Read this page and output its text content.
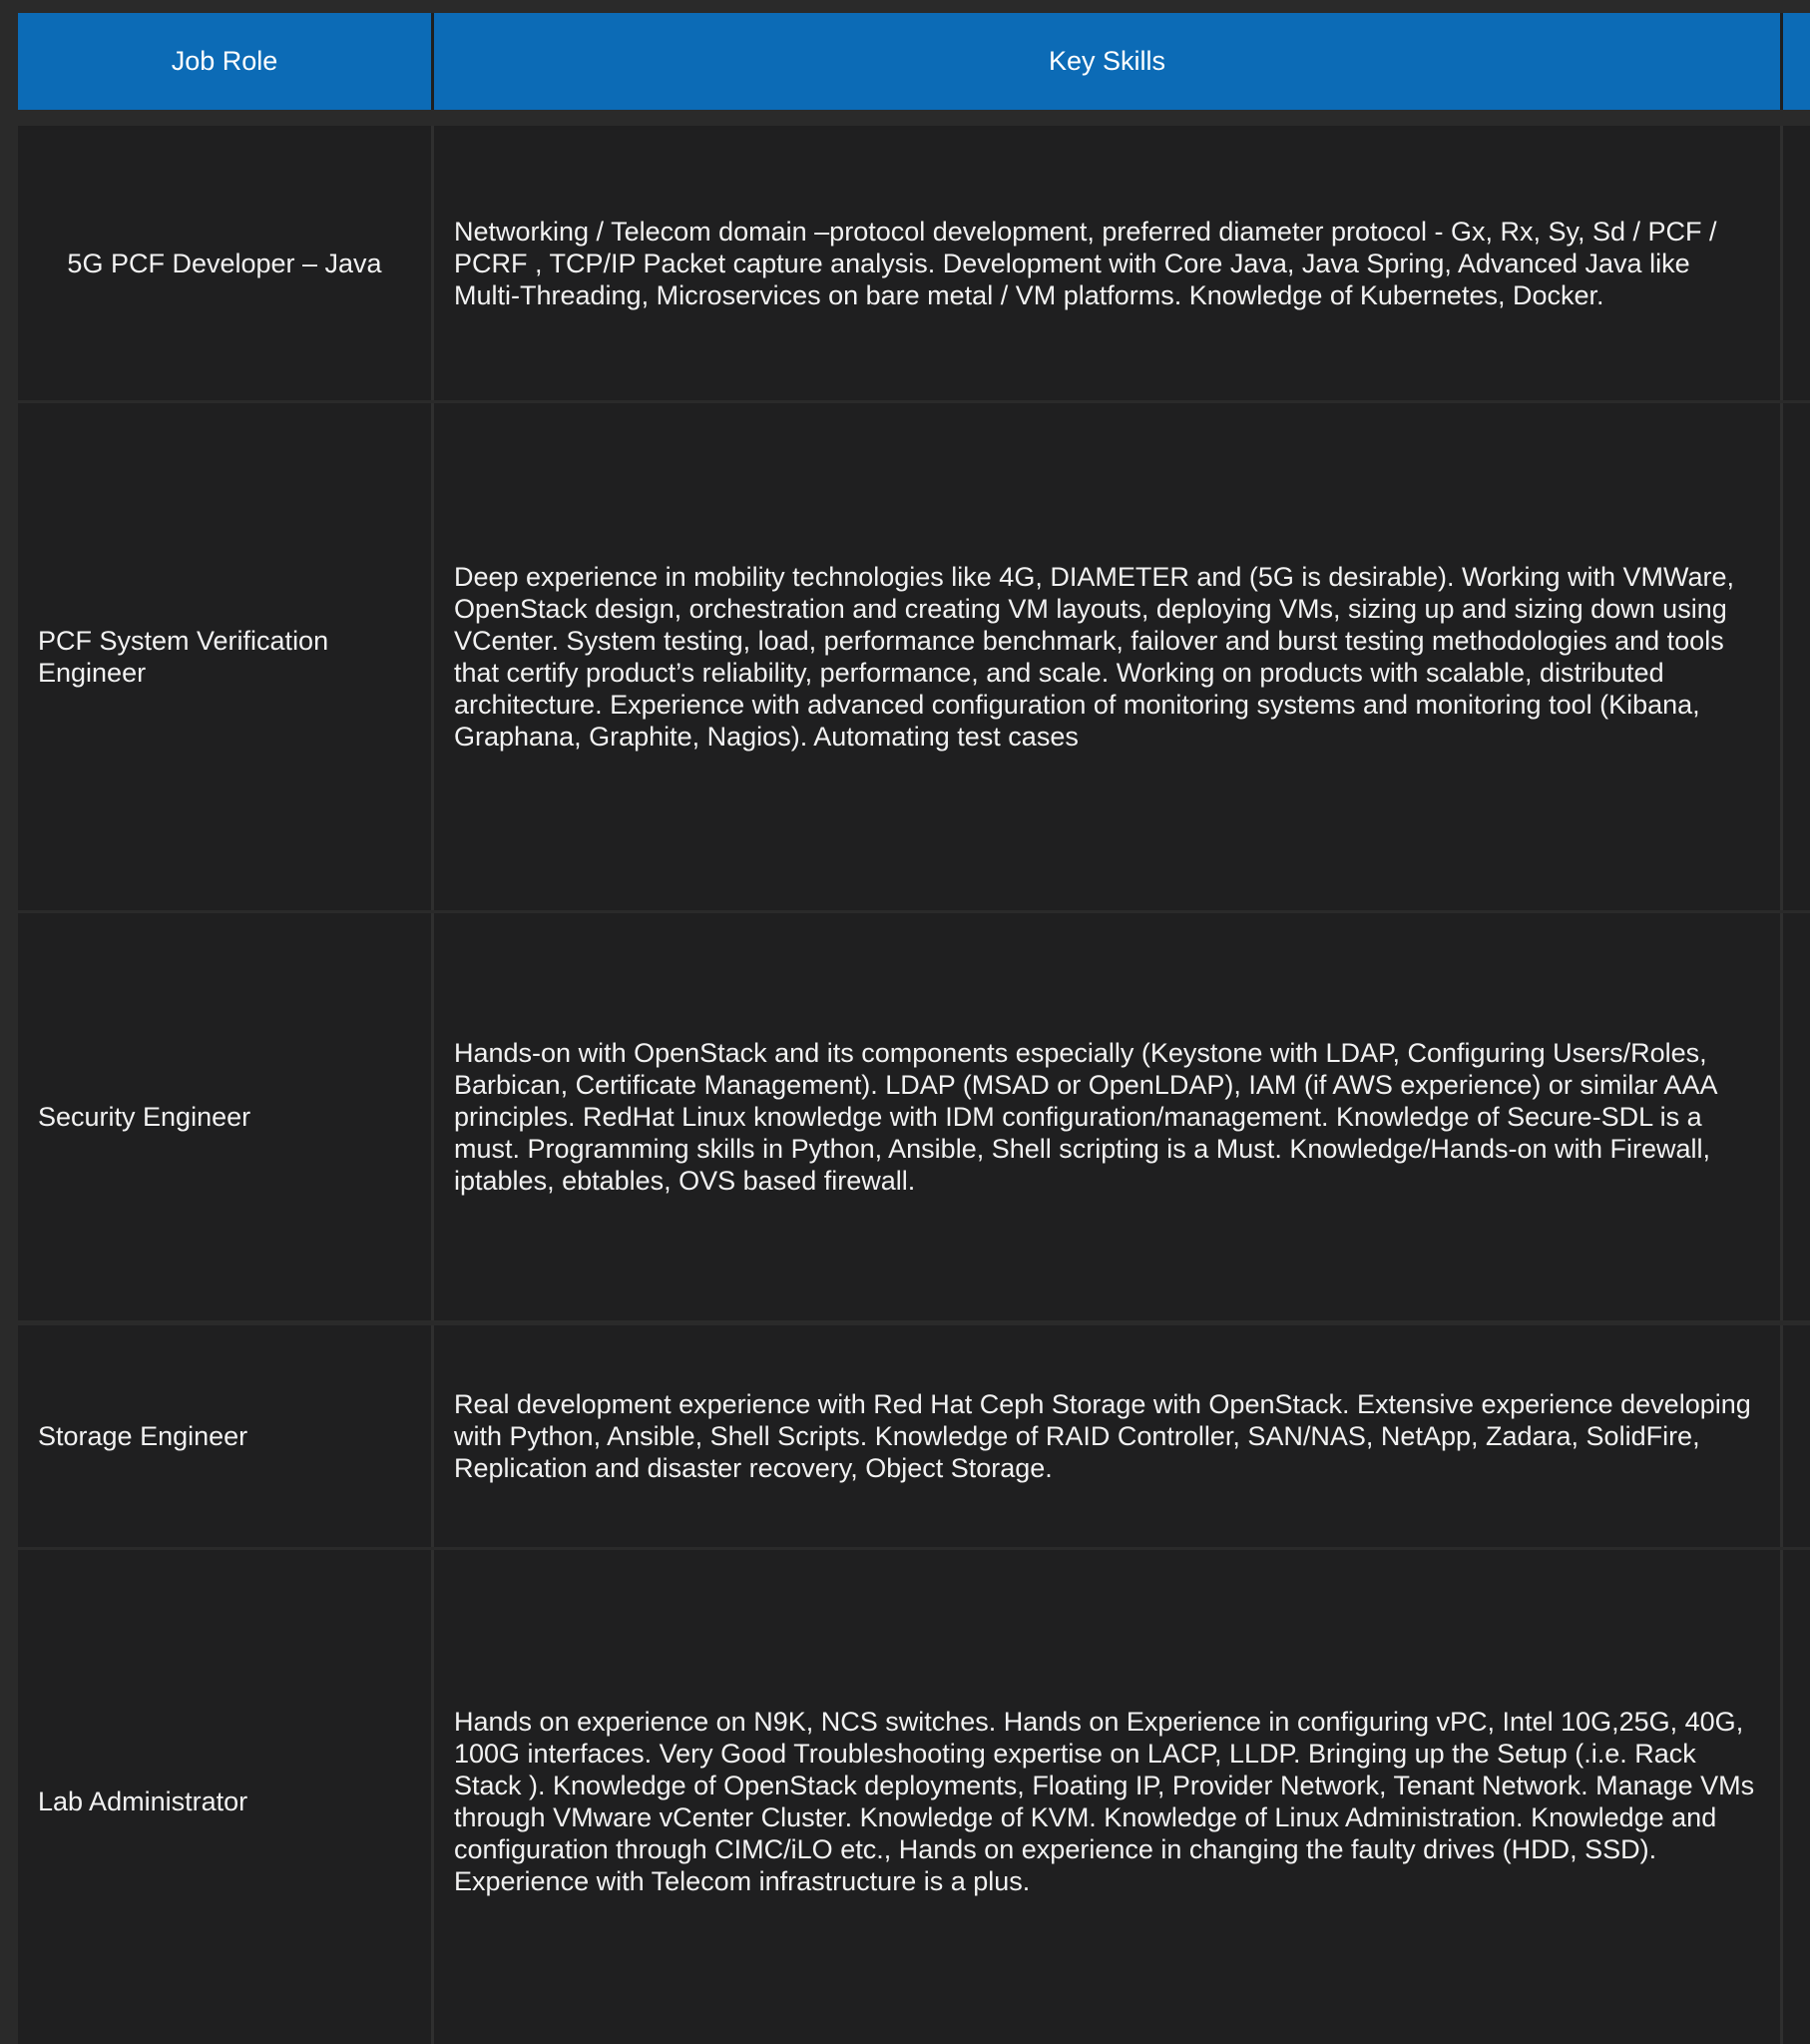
Job Role	Key Skills
5G PCF Developer – Java
Networking / Telecom domain –protocol development, preferred diameter protocol - Gx, Rx, Sy, Sd / PCF / PCRF , TCP/IP Packet capture analysis. Development with Core Java, Java Spring, Advanced Java like Multi-Threading, Microservices on bare metal / VM platforms. Knowledge of Kubernetes, Docker.
PCF System Verification Engineer
Deep experience in mobility technologies like 4G, DIAMETER and (5G is desirable). Working with VMWare, OpenStack design, orchestration and creating VM layouts, deploying VMs, sizing up and sizing down using VCenter. System testing, load, performance benchmark, failover and burst testing methodologies and tools that certify product’s reliability, performance, and scale. Working on products with scalable, distributed architecture. Experience with advanced configuration of monitoring systems and monitoring tool (Kibana, Graphana, Graphite, Nagios). Automating test cases
Security Engineer
Hands-on with OpenStack and its components especially (Keystone with LDAP, Configuring Users/Roles, Barbican, Certificate Management). LDAP (MSAD or OpenLDAP), IAM (if AWS experience) or similar AAA principles. RedHat Linux knowledge with IDM configuration/management. Knowledge of Secure-SDL is a must. Programming skills in Python, Ansible, Shell scripting is a Must. Knowledge/Hands-on with Firewall, iptables, ebtables, OVS based firewall.
Storage Engineer
Real development experience with Red Hat Ceph Storage with OpenStack. Extensive experience developing with Python, Ansible, Shell Scripts. Knowledge of RAID Controller, SAN/NAS, NetApp, Zadara, SolidFire, Replication and disaster recovery, Object Storage.
Lab Administrator
Hands on experience on N9K, NCS switches. Hands on Experience in configuring vPC, Intel 10G,25G, 40G, 100G interfaces. Very Good Troubleshooting expertise on LACP, LLDP. Bringing up the Setup (.i.e. Rack Stack ). Knowledge of OpenStack deployments, Floating IP, Provider Network, Tenant Network. Manage VMs through VMware vCenter Cluster. Knowledge of KVM. Knowledge of Linux Administration. Knowledge and configuration through CIMC/iLO etc., Hands on experience in changing the faulty drives (HDD, SSD). Experience with Telecom infrastructure is a plus.
